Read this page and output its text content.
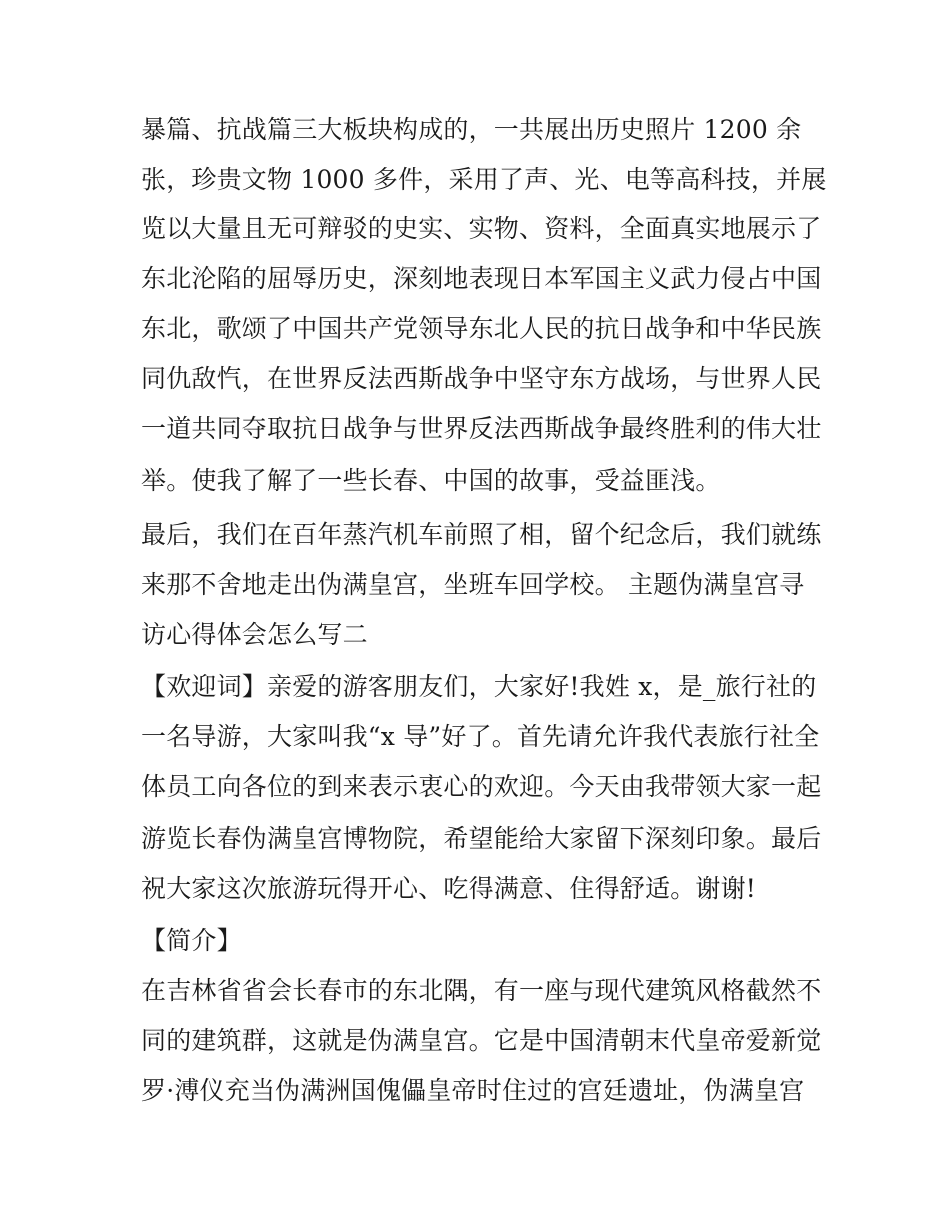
暴篇、抗战篇三大板块构成的，一共展出历史照片 1200 余
张，珍贵文物 1000 多件，采用了声、光、电等高科技，并展
览以大量且无可辩驳的史实、实物、资料，全面真实地展示了
东北沦陷的屈辱历史，深刻地表现日本军国主义武力侵占中国
东北，歌颂了中国共产党领导东北人民的抗日战争和中华民族
同仇敌忾，在世界反法西斯战争中坚守东方战场，与世界人民
一道共同夺取抗日战争与世界反法西斯战争最终胜利的伟大壮
举。使我了解了一些长春、中国的故事，受益匪浅。
最后，我们在百年蒸汽机车前照了相，留个纪念后，我们就练
来那不舍地走出伪满皇宫，坐班车回学校。 主题伪满皇宫寻
访心得体会怎么写二
【欢迎词】亲爱的游客朋友们，大家好!我姓 x，是_旅行社的
一名导游，大家叫我“x 导”好了。首先请允许我代表旅行社全
体员工向各位的到来表示衷心的欢迎。今天由我带领大家一起
游览长春伪满皇宫博物院，希望能给大家留下深刻印象。最后
祝大家这次旅游玩得开心、吃得满意、住得舒适。谢谢!
【简介】
在吉林省省会长春市的东北隅，有一座与现代建筑风格截然不
同的建筑群，这就是伪满皇宫。它是中国清朝末代皇帝爱新觉
罗·溥仪充当伪满洲国傀儡皇帝时住过的宫廷遗址，伪满皇宫
